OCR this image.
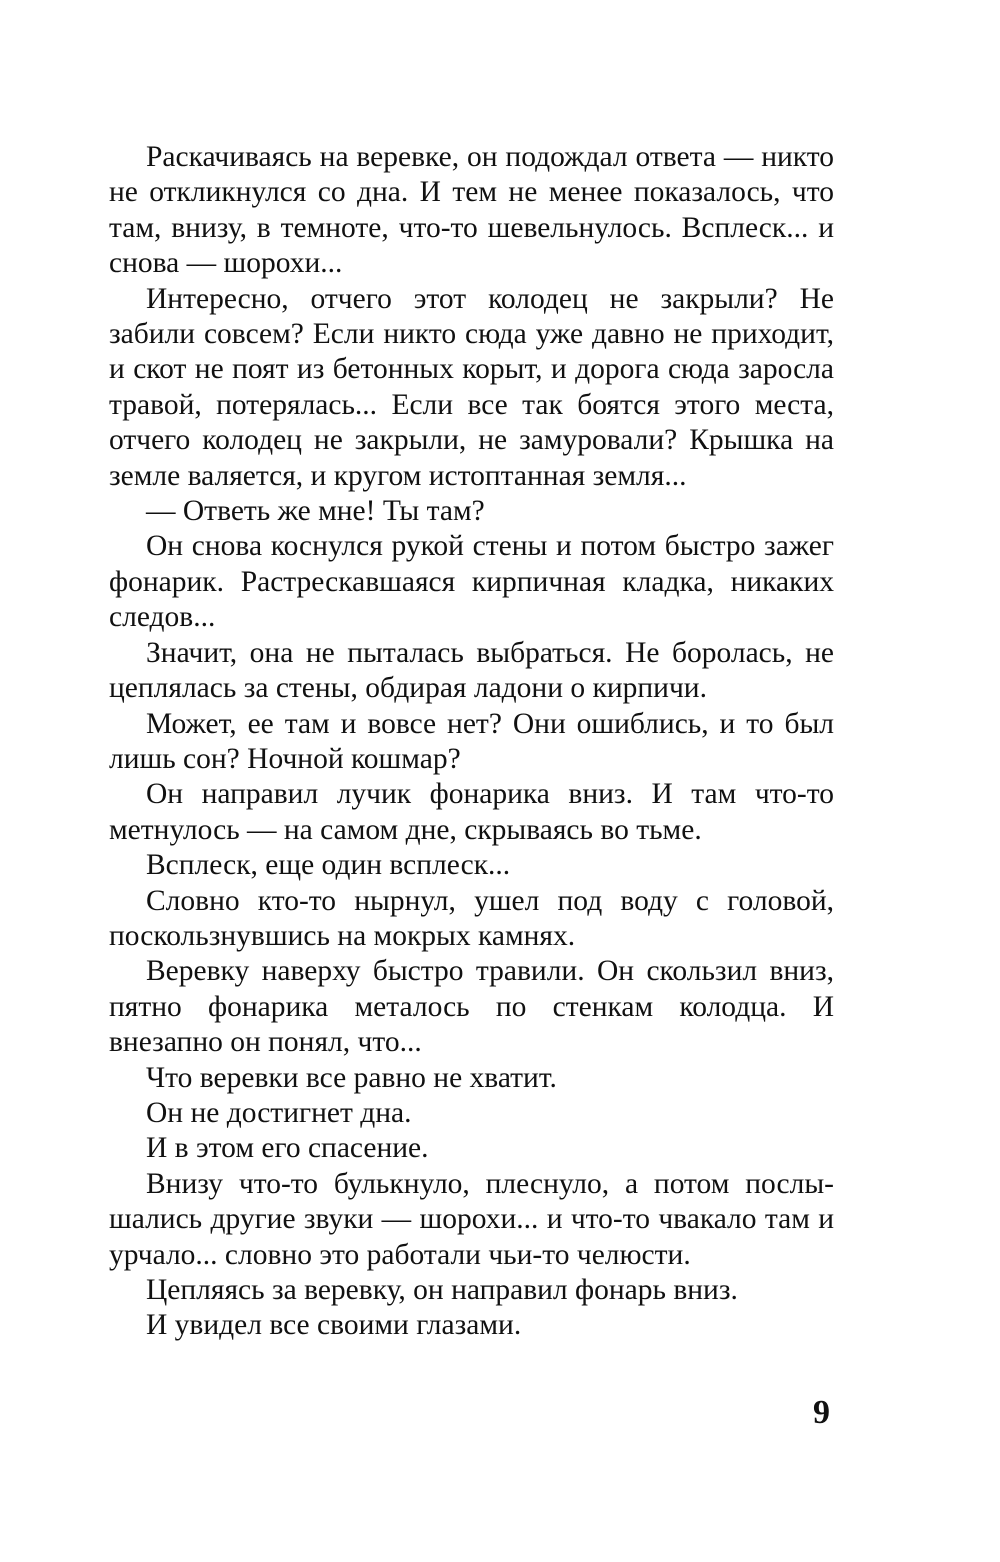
Раскачиваясь на веревке, он подождал ответа — никто не откликнулся со дна. И тем не менее показалось, что там, внизу, в темноте, что-то шевельнулось. Всплеск... и снова — шорохи...

Интересно, отчего этот колодец не закрыли? Не забили совсем? Если никто сюда уже давно не приходит, и скот не поят из бетонных корыт, и дорога сюда заросла травой, потерялась... Если все так боятся этого места, отчего колодец не закрыли, не замуровали? Крышка на земле валяется, и кругом истоптанная земля...

— Ответь же мне! Ты там?

Он снова коснулся рукой стены и потом быстро зажег фонарик. Растрескавшаяся кирпичная кладка, никаких следов...

Значит, она не пыталась выбраться. Не боролась, не цеплялась за стены, обдирая ладони о кирпичи.

Может, ее там и вовсе нет? Они ошиблись, и то был лишь сон? Ночной кошмар?

Он направил лучик фонарика вниз. И там что-то метнулось — на самом дне, скрываясь во тьме.

Всплеск, еще один всплеск...

Словно кто-то нырнул, ушел под воду с головой, поскользнувшись на мокрых камнях.

Веревку наверху быстро травили. Он скользил вниз, пятно фонарика металось по стенкам колодца. И внезапно он понял, что...

Что веревки все равно не хватит.

Он не достигнет дна.

И в этом его спасение.

Внизу что-то булькнуло, плеснуло, а потом послышались другие звуки — шорохи... и что-то чвакало там и урчало... словно это работали чьи-то челюсти.

Цепляясь за веревку, он направил фонарь вниз.

И увидел все своими глазами.

9
